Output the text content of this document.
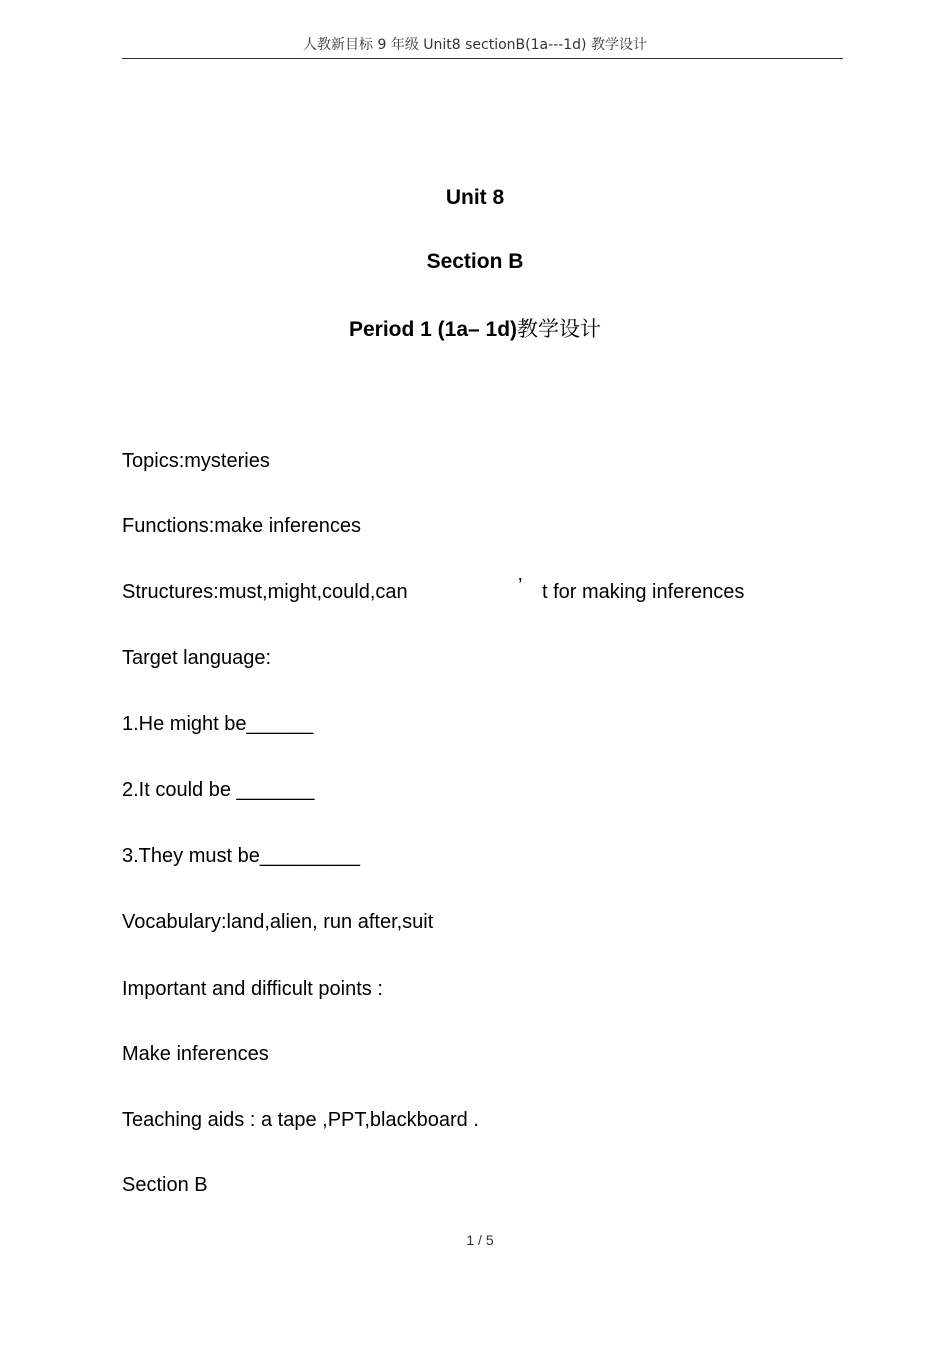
人教新目标 9 年级 Unit8 sectionB(1a---1d) 教学设计
Unit 8
Section B
Period 1 (1a– 1d)教学设计
Topics:mysteries
Functions:make inferences
Structures:must,might,could,can	’ t for making inferences
Target language:
1.He might be______
2.It could be _______
3.They must be_________
Vocabulary:land,alien, run after,suit
Important and difficult points :
Make inferences
Teaching aids : a tape ,PPT,blackboard .
Section B
1 / 5
